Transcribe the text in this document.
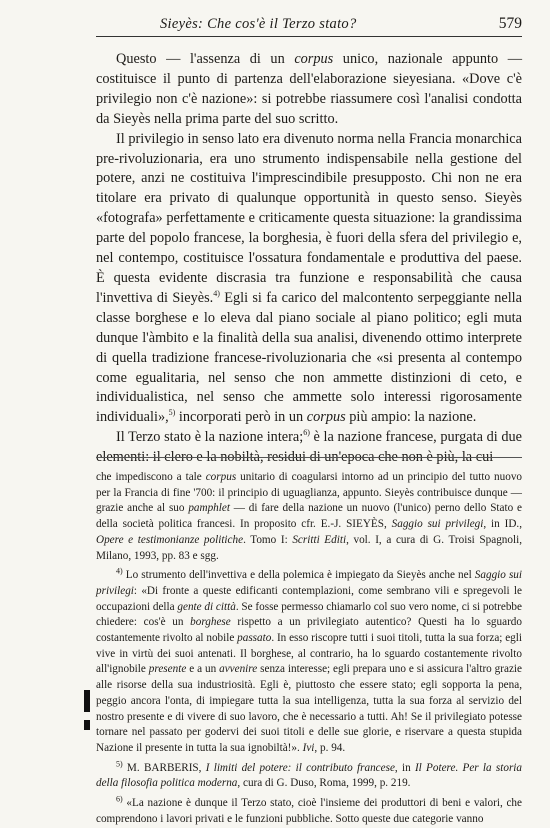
Sieyès: Che cos'è il Terzo stato?	579

Questo — l'assenza di un corpus unico, nazionale appunto — costituisce il punto di partenza dell'elaborazione sieyesiana. «Dove c'è privilegio non c'è nazione»: si potrebbe riassumere così l'analisi condotta da Sieyès nella prima parte del suo scritto.

Il privilegio in senso lato era divenuto norma nella Francia monarchica pre-rivoluzionaria, era uno strumento indispensabile nella gestione del potere, anzi ne costituiva l'imprescindibile presupposto. Chi non ne era titolare era privato di qualunque opportunità in questo senso. Sieyès «fotografa» perfettamente e criticamente questa situazione: la grandissima parte del popolo francese, la borghesia, è fuori della sfera del privilegio e, nel contempo, costituisce l'ossatura fondamentale e produttiva del paese. È questa evidente discrasia tra funzione e responsabilità che causa l'invettiva di Sieyès.$^{4)}$ Egli si fa carico del malcontento serpeggiante nella classe borghese e lo eleva dal piano sociale al piano politico; egli muta dunque l'àmbito e la finalità della sua analisi, divenendo ottimo interprete di quella tradizione francese-rivoluzionaria che «si presenta al contempo come egualitaria, nel senso che non ammette distinzioni di ceto, e individualistica, nel senso che ammette solo interessi rigorosamente individuali»,$^{5)}$ incorporati però in un corpus più ampio: la nazione.

Il Terzo stato è la nazione intera;$^{6)}$ è la nazione francese, purgata di due elementi: il clero e la nobiltà, residui di un'epoca che non è più, la cui

che impediscono a tale corpus unitario di coagularsi intorno ad un principio del tutto nuovo per la Francia di fine '700: il principio di uguaglianza, appunto. Sieyès contribuisce dunque — grazie anche al suo pamphlet — di fare della nazione un nuovo (l'unico) perno dello Stato e della società politica francesi. In proposito cfr. E.-J. SIEYÈS, Saggio sui privilegi, in ID., Opere e testimonianze politiche. Tomo I: Scritti Editi, vol. I, a cura di G. Troisi Spagnoli, Milano, 1993, pp. 83 e sgg.

$^{4)}$ Lo strumento dell'invettiva e della polemica è impiegato da Sieyès anche nel Saggio sui privilegi: «Di fronte a queste edificanti contemplazioni, come sembrano vili e spregevoli le occupazioni della gente di città. Se fosse permesso chiamarlo col suo vero nome, ci si potrebbe chiedere: cos'è un borghese rispetto a un privilegiato autentico? Questi ha lo sguardo costantemente rivolto al nobile passato. In esso riscopre tutti i suoi titoli, tutta la sua forza; egli vive in virtù dei suoi antenati. Il borghese, al contrario, ha lo sguardo costantemente rivolto all'ignobile presente e a un avvenire senza interesse; egli prepara uno e si assicura l'altro grazie alle risorse della sua industriosità. Egli è, piuttosto che essere stato; egli sopporta la pena, peggio ancora l'onta, di impiegare tutta la sua intelligenza, tutta la sua forza al servizio del nostro presente e di vivere di suo lavoro, che è necessario a tutti. Ah! Se il privilegiato potesse tornare nel passato per godervi dei suoi titoli e delle sue glorie, e riservare a questa stupida Nazione il presente in tutta la sua ignobiltà!». Ivi, p. 94.

$^{5)}$ M. BARBERIS, I limiti del potere: il contributo francese, in Il Potere. Per la storia della filosofia politica moderna, cura di G. Duso, Roma, 1999, p. 219.

$^{6)}$ «La nazione è dunque il Terzo stato, cioè l'insieme dei produttori di beni e valori, che comprendono i lavori privati e le funzioni pubbliche. Sotto queste due categorie vanno
